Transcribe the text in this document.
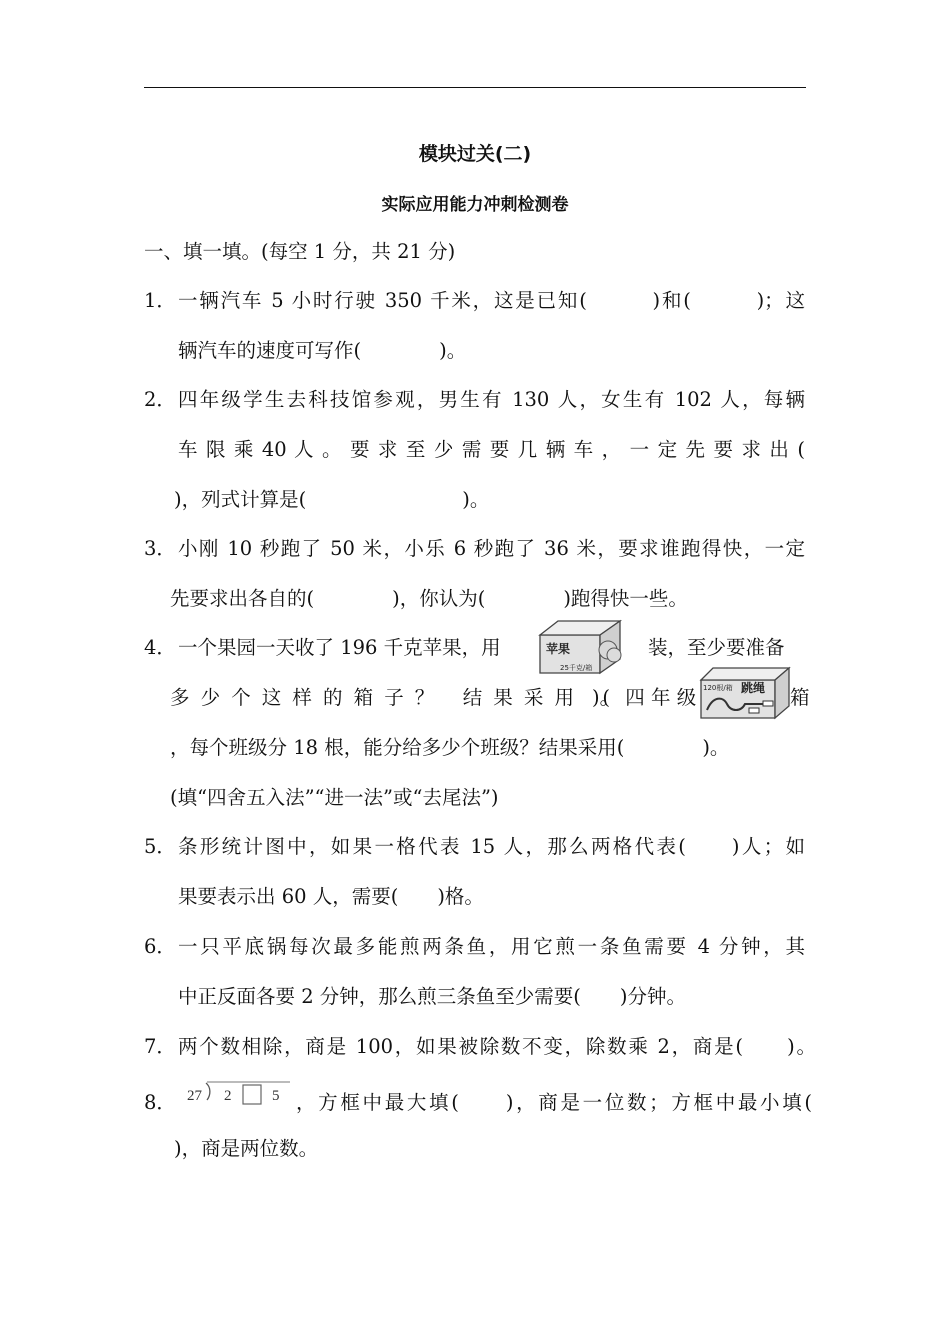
模块过关(二)
实际应用能力冲刺检测卷
一、填一填。(每空 1 分，共 21 分)
1． 一辆汽车 5 小时行驶 350 千米，这是已知(　　　)和(　　　)；这
辆汽车的速度可写作(　　　　)。
2． 四年级学生去科技馆参观，男生有 130 人，女生有 102 人，每辆
车 限 乘 40 人 。 要 求 至 少 需 要 几 辆 车 ， 一 定 先 要 求 出 (
)，列式计算是(　　　　　　　　)。
3． 小刚 10 秒跑了 50 米，小乐 6 秒跑了 36 米，要求谁跑得快，一定
先要求出各自的(　　　　)，你认为(　　　　)跑得快一些。
4． 一个果园一天收了 196 千克苹果，用	苹果
25千克/箱
装，至少要准备
多少个这样的箱子？ 结果采用 (
)。 四 年 级 120根/箱 跳绳 箱
，每个班级分 18 根，能分给多少个班级？结果采用(　　　　)。
(填“四舍五入法”“进一法”或“去尾法”)
5． 条形统计图中，如果一格代表 15 人，那么两格代表(　　)人；如
果要表示出 60 人，需要(　　)格。
6． 一只平底锅每次最多能煎两条鱼，用它煎一条鱼需要 4 分钟，其
中正反面各要 2 分钟，那么煎三条鱼至少需要(　　)分钟。
7． 两个数相除，商是 100，如果被除数不变，除数乘 2，商是(　　)。
8． 27 2	5 ，方框中最大填(　　)，商是一位数；方框中最小填(
)，商是两位数。
